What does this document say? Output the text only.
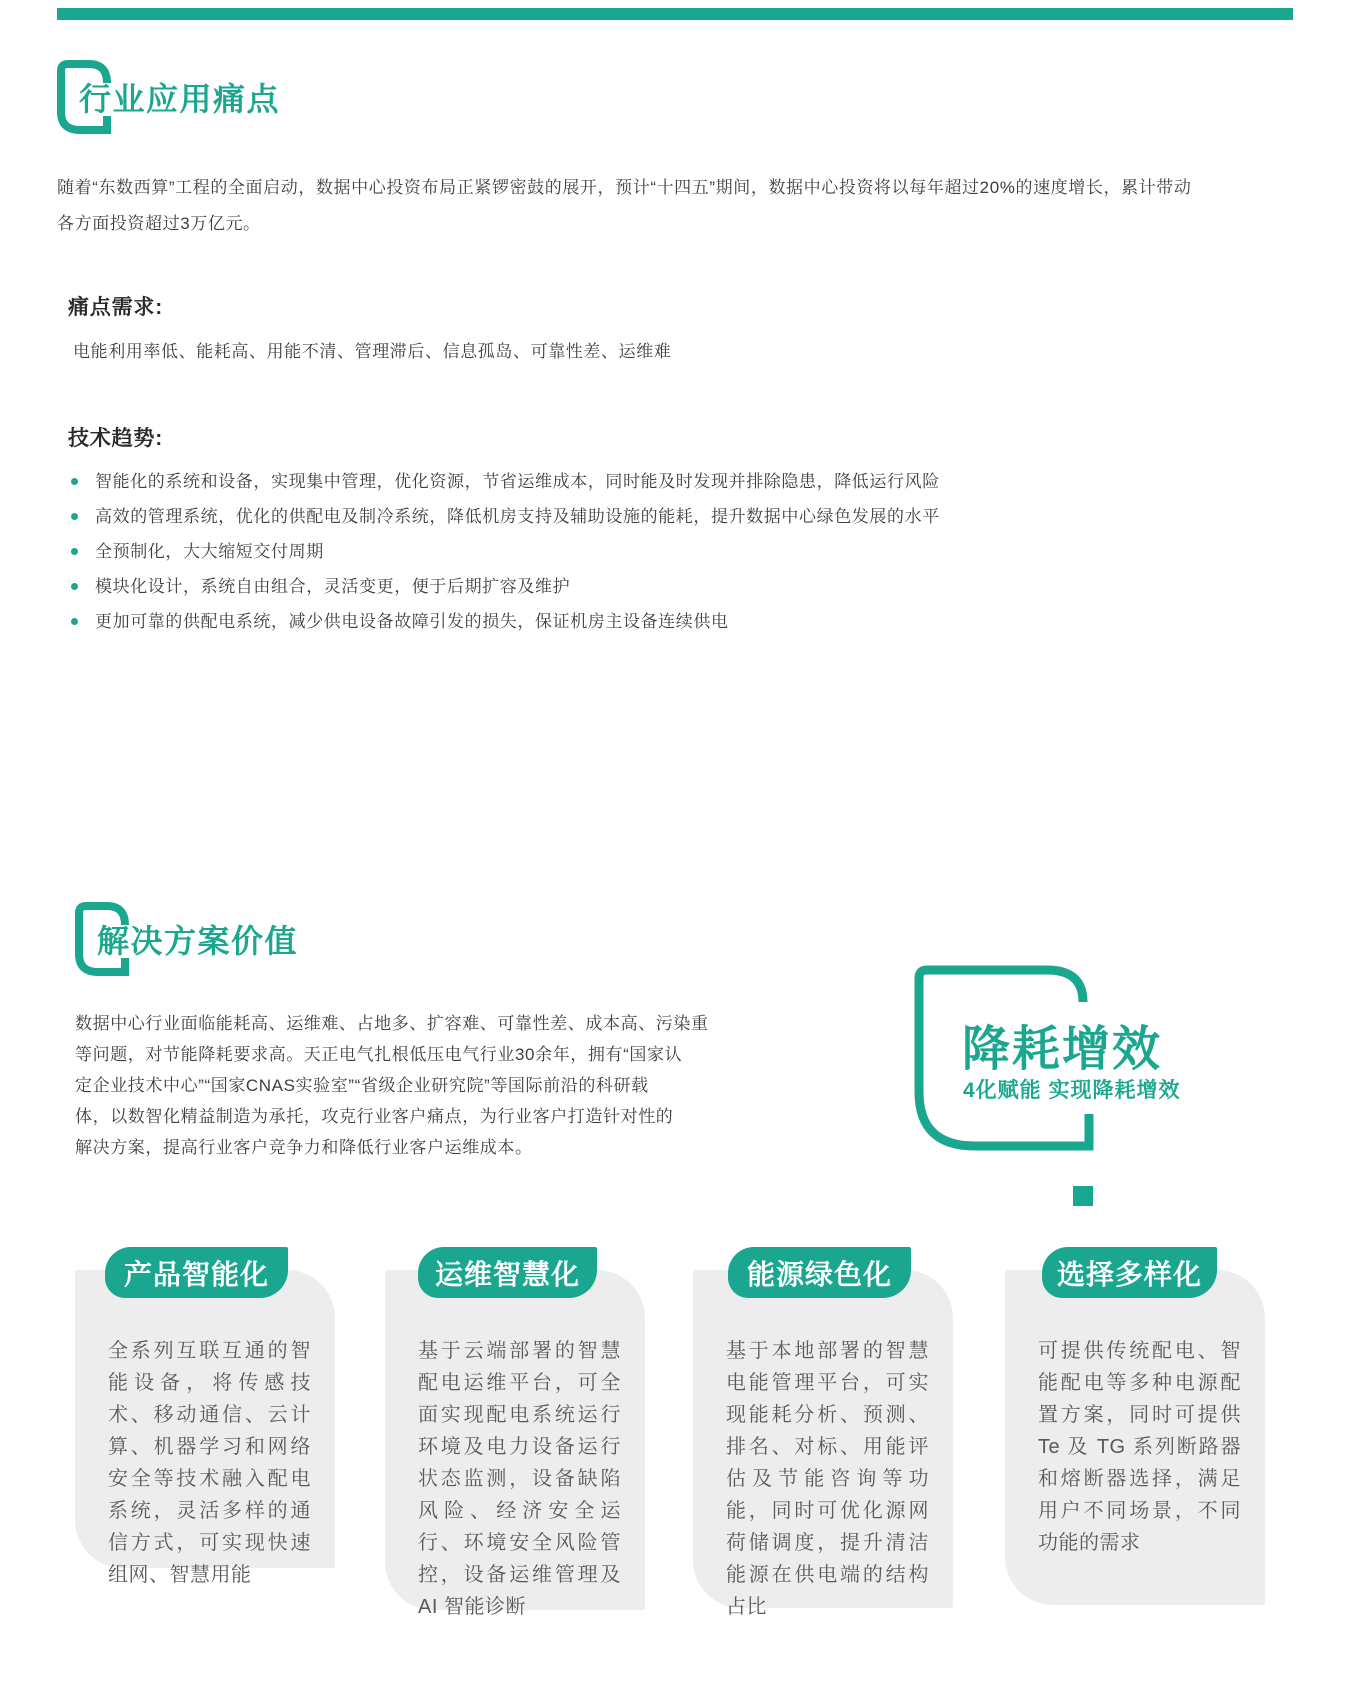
行业应用痛点
随着“东数西算”工程的全面启动，数据中心投资布局正紧锣密鼓的展开，预计“十四五”期间，数据中心投资将以每年超过20%的速度增长，累计带动
各方面投资超过3万亿元。
痛点需求:
电能利用率低、能耗高、用能不清、管理滞后、信息孤岛、可靠性差、运维难
技术趋势:
智能化的系统和设备，实现集中管理，优化资源，节省运维成本，同时能及时发现并排除隐患，降低运行风险
高效的管理系统，优化的供配电及制冷系统，降低机房支持及辅助设施的能耗，提升数据中心绿色发展的水平
全预制化，大大缩短交付周期
模块化设计，系统自由组合，灵活变更，便于后期扩容及维护
更加可靠的供配电系统，减少供电设备故障引发的损失，保证机房主设备连续供电
解决方案价值
数据中心行业面临能耗高、运维难、占地多、扩容难、可靠性差、成本高、污染重
等问题，对节能降耗要求高。天正电气扎根低压电气行业30余年，拥有“国家认
定企业技术中心”“国家CNAS实验室”“省级企业研究院”等国际前沿的科研载
体，以数智化精益制造为承托，攻克行业客户痛点，为行业客户打造针对性的
解决方案，提高行业客户竞争力和降低行业客户运维成本。
降耗增效
4化赋能 实现降耗增效
产品智能化	运维智慧化	能源绿色化	选择多样化
全系列互联互通的智能设备，将传感技术、移动通信、云计算、机器学习和网络安全等技术融入配电系统，灵活多样的通信方式，可实现快速组网、智慧用能
基于云端部署的智慧配电运维平台，可全面实现配电系统运行环境及电力设备运行状态监测，设备缺陷风险、经济安全运行、环境安全风险管控，设备运维管理及 AI 智能诊断
基于本地部署的智慧电能管理平台，可实现能耗分析、预测、排名、对标、用能评估及节能咨询等功能，同时可优化源网荷储调度，提升清洁能源在供电端的结构占比
可提供传统配电、智能配电等多种电源配置方案，同时可提供 Te 及 TG 系列断路器和熔断器选择，满足用户不同场景，不同功能的需求
